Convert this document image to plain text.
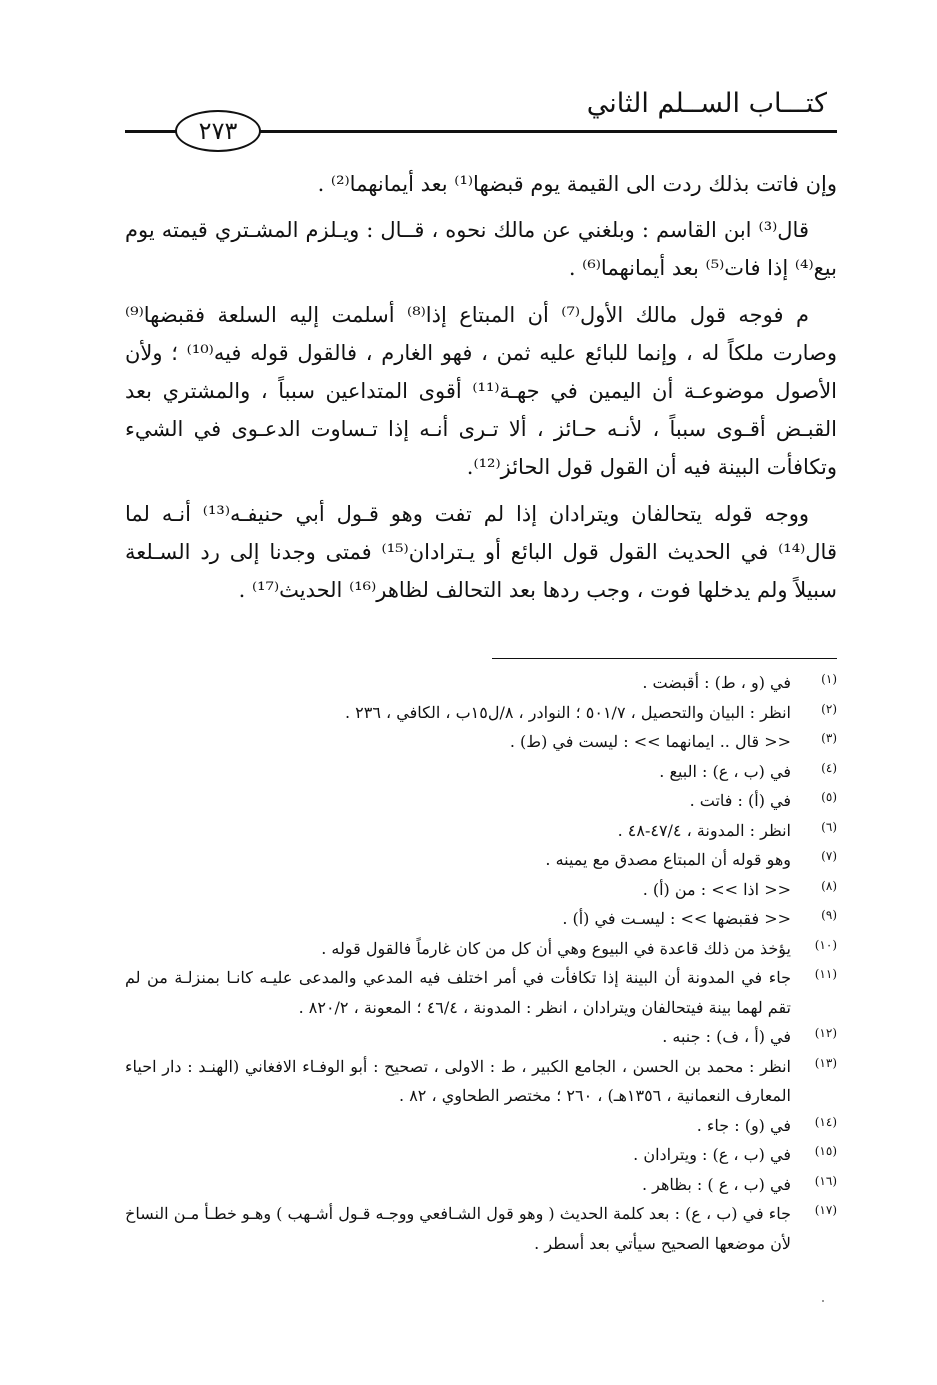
كتـــاب الســلم الثاني
٢٧٣

وإن فاتت بذلك ردت الى القيمة يوم قبضها⁽¹⁾ بعد أيمانهما⁽²⁾ .

قال⁽³⁾ ابن القاسم : وبلغني عن مالك نحوه ، قــال : ويـلزم المشـتري قيمته يوم بيع⁽⁴⁾ إذا فات⁽⁵⁾ بعد أيمانهما⁽⁶⁾ .

م فوجه قول مالك الأول⁽⁷⁾ أن المبتاع إذا⁽⁸⁾ أسلمت إليه السلعة فقبضها⁽⁹⁾ وصارت ملكاً له ، وإنما للبائع عليه ثمن ، فهو الغارم ، فالقول قوله فيه⁽¹⁰⁾ ؛ ولأن الأصول موضوعـة أن اليمين في جهـة⁽¹¹⁾ أقوى المتداعين سبباً ، والمشتري بعد القبـض أقـوى سبباً ، لأنـه حـائز ، ألا تـرى أنـه إذا تـساوت الدعـوى في الشيء وتكافأت البينة فيه أن القول قول الحائز⁽¹²⁾.

ووجه قوله يتحالفان ويترادان إذا لم تفت وهو قـول أبي حنيفـه⁽¹³⁾ أنـه لما قال⁽¹⁴⁾ في الحديث القول قول البائع أو يـترادان⁽¹⁵⁾ فمتى وجدنا إلى رد السـلعة سبيلاً ولم يدخلها فوت ، وجب ردها بعد التحالف لظاهر⁽¹⁶⁾ الحديث⁽¹⁷⁾ .

(١)
في (و ، ط) : أقبضت .
(٢)
انظر : البيان والتحصيل ، ٥٠١/٧ ؛ النوادر ، ٨/ل١٥ب ، الكافي ، ٢٣٦ .
(٣)
<< قال .. ايمانهما >> : ليست في (ط) .
(٤)
في (ب ، ع) : البيع .
(٥)
في (أ) : فاتت .
(٦)
انظر : المدونة ، ٤٧/٤-٤٨ .
(٧)
وهو قوله أن المبتاع مصدق مع يمينه .
(٨)
<< اذا >> : من (أ) .
(٩)
<< فقبضها >> : ليسـت في (أ) .
(١٠)
يؤخذ من ذلك قاعدة في البيوع وهي أن كل من كان غارماً فالقول قوله .
(١١)
جاء في المدونة أن البينة إذا تكافأت في أمر اختلف فيه المدعي والمدعى عليـه كانـا بمنزلـة من لم تقم لهما بينة فيتحالفان ويترادان ، انظر : المدونة ، ٤٦/٤ ؛ المعونة ، ٨٢٠/٢ .
(١٢)
في (أ ، ف) : جنبه .
(١٣)
انظر : محمد بن الحسن ، الجامع الكبير ، ط : الاولى ، تصحيح : أبو الوفـاء الافغاني (الهنـد : دار احياء المعارف النعمانية ، ١٣٥٦هـ) ، ٢٦٠ ؛ مختصر الطحاوي ، ٨٢ .
(١٤)
في (و) : جاء .
(١٥)
في (ب ، ع) : ويترادان .
(١٦)
في (ب ، ع ) : بظاهر .
(١٧)
جاء في (ب ، ع) : بعد كلمة الحديث ( وهو قول الشـافعي ووجـه قـول أشـهب ) وهـو خطـأ مـن النساخ لأن موضعها الصحيح سيأتي بعد أسطر .
